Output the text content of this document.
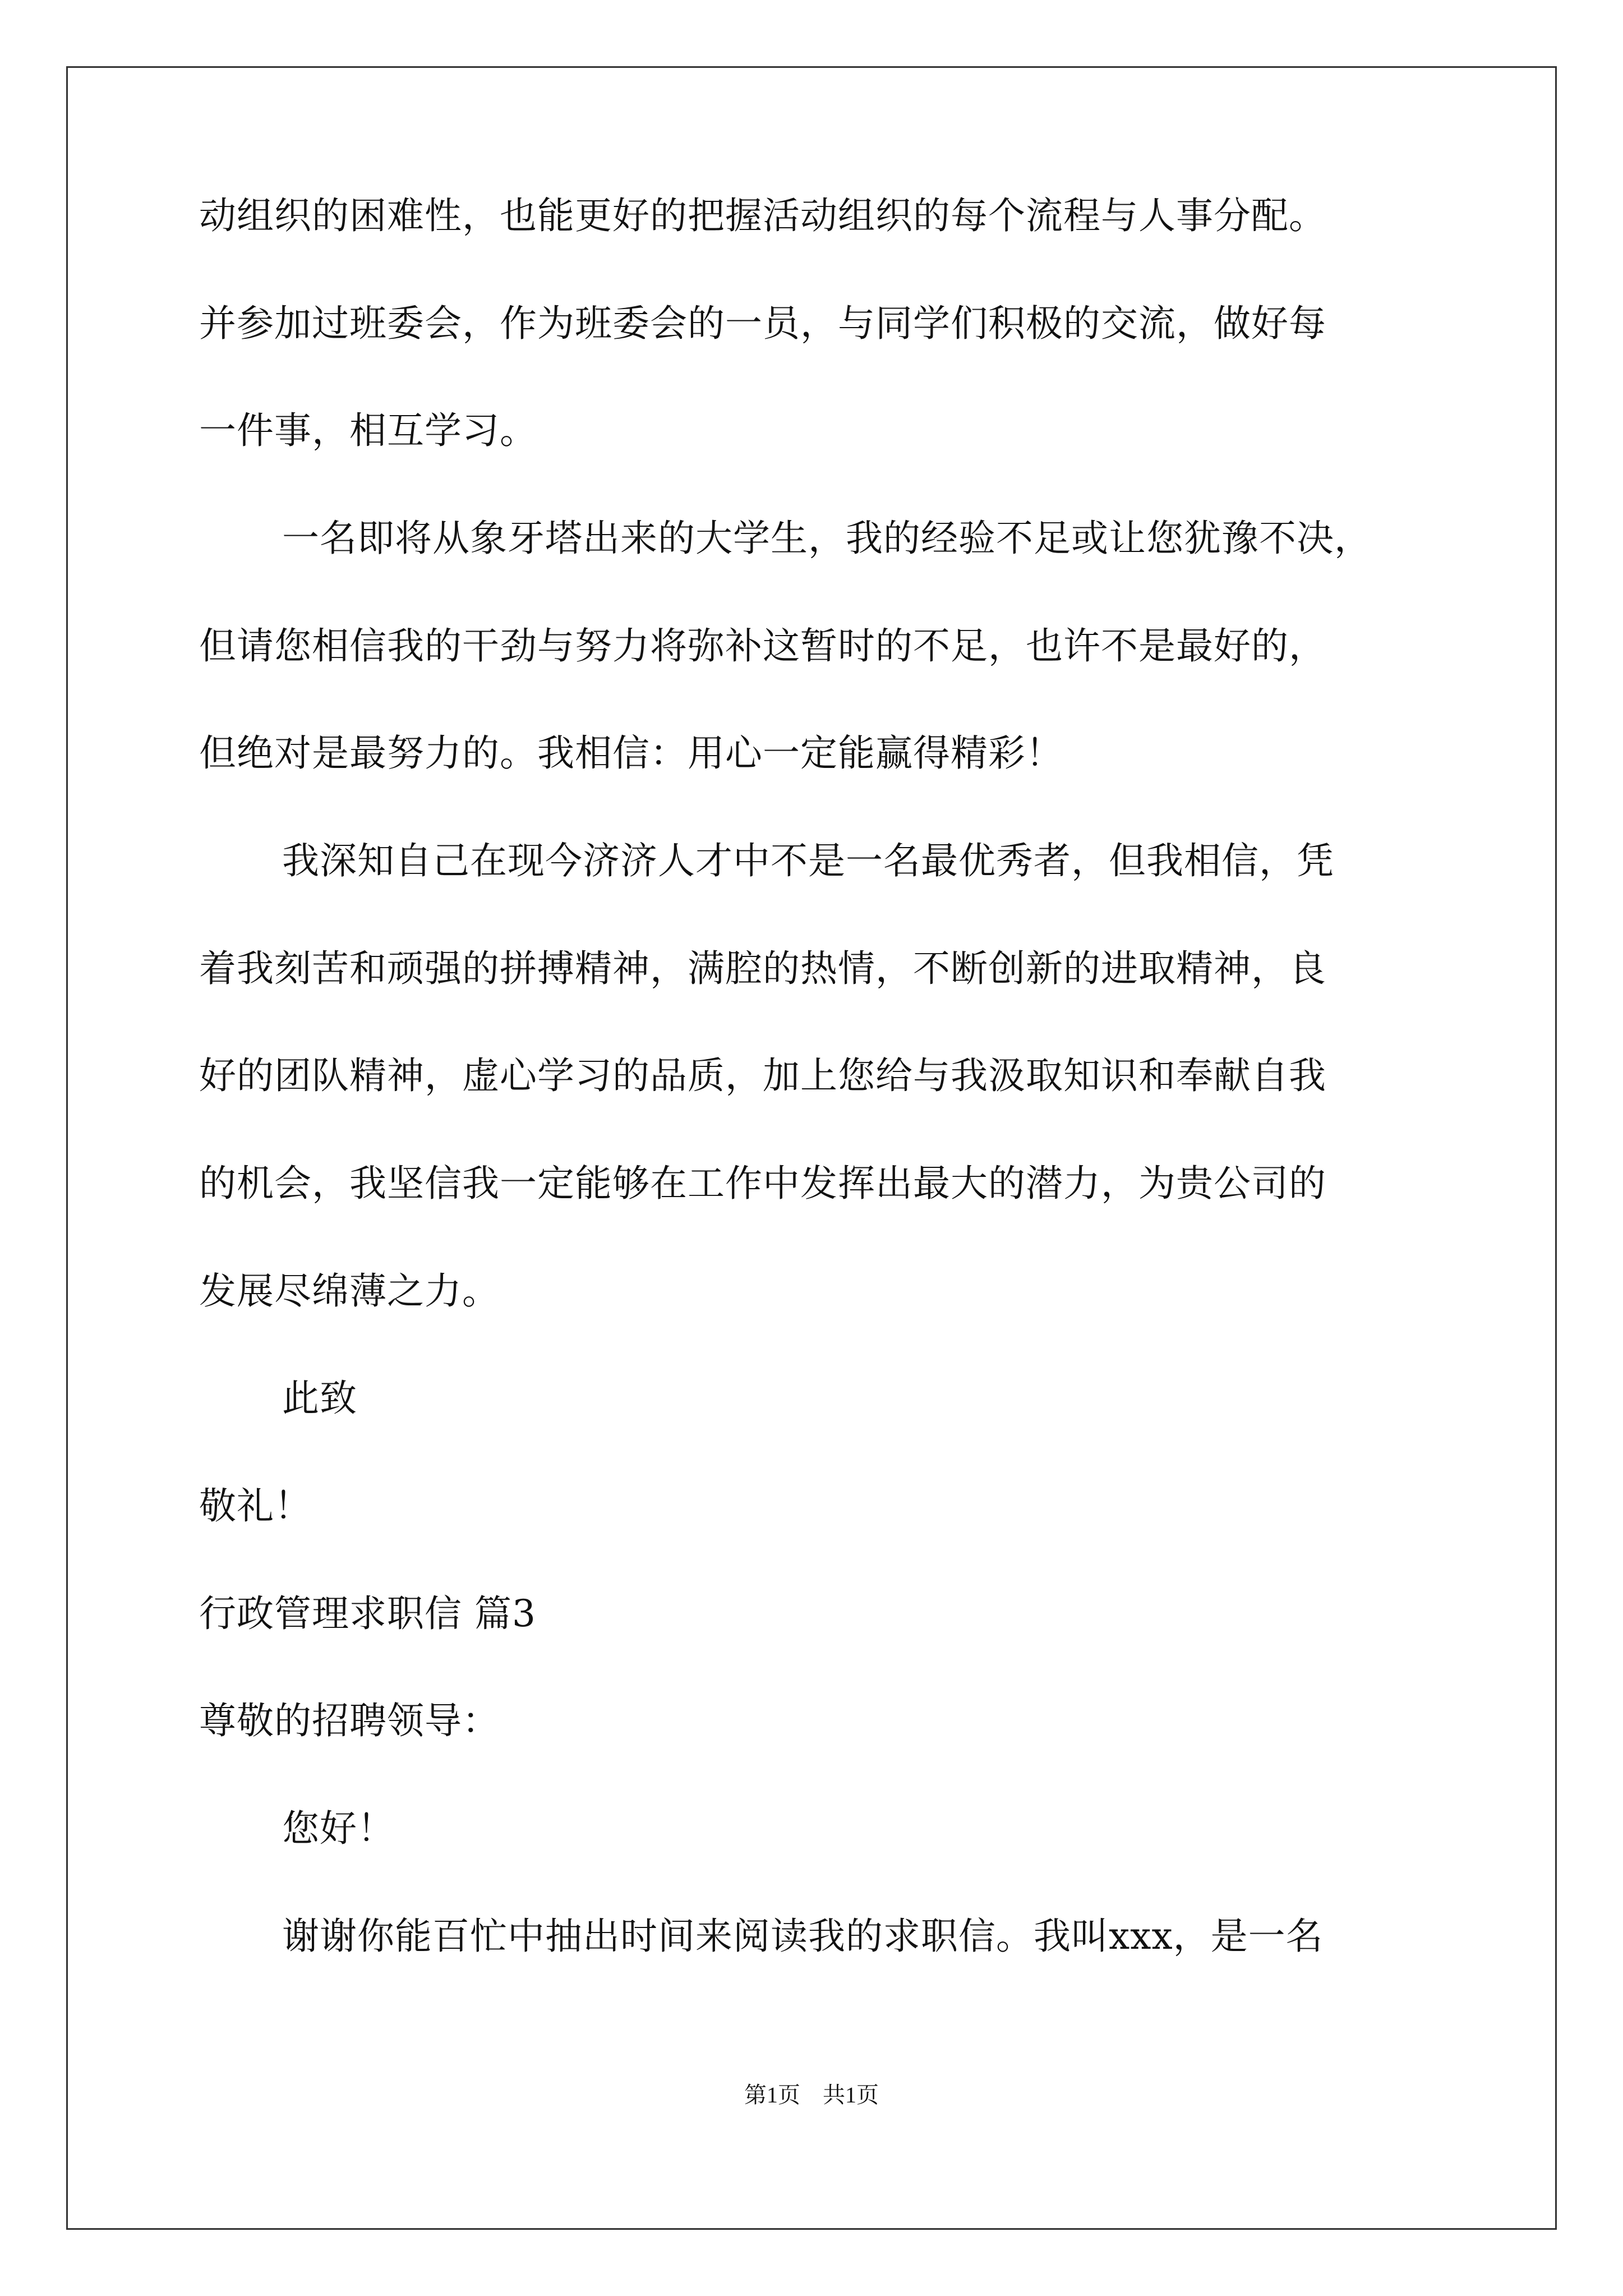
动组织的困难性，也能更好的把握活动组织的每个流程与人事分配。
并参加过班委会，作为班委会的一员，与同学们积极的交流，做好每
一件事，相互学习。
一名即将从象牙塔出来的大学生，我的经验不足或让您犹豫不决，
但请您相信我的干劲与努力将弥补这暂时的不足，也许不是最好的，
但绝对是最努力的。我相信：用心一定能赢得精彩！
我深知自己在现今济济人才中不是一名最优秀者，但我相信，凭
着我刻苦和顽强的拼搏精神，满腔的热情，不断创新的进取精神，良
好的团队精神，虚心学习的品质，加上您给与我汲取知识和奉献自我
的机会，我坚信我一定能够在工作中发挥出最大的潜力，为贵公司的
发展尽绵薄之力。
此致
敬礼！
行政管理求职信 篇3
尊敬的招聘领导：
您好！
谢谢你能百忙中抽出时间来阅读我的求职信。我叫xxx，是一名
第1页 共1页
